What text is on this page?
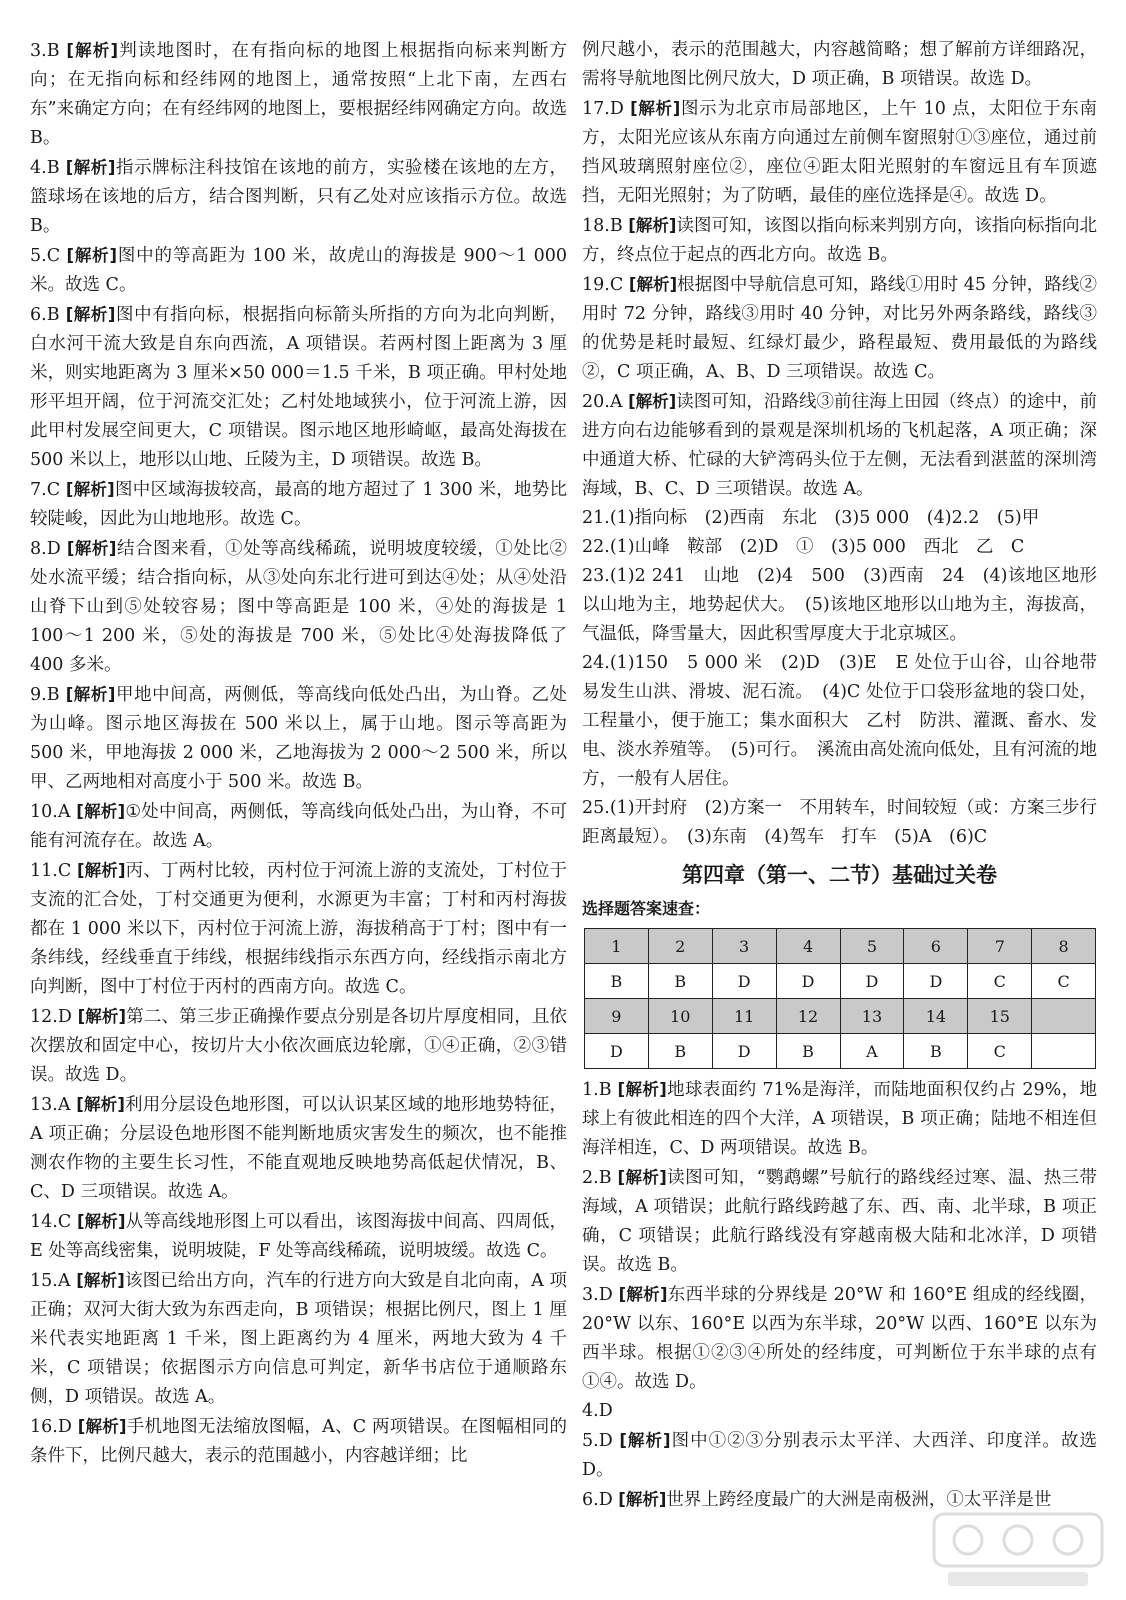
3.B [解析]判读地图时，在有指向标的地图上根据指向标来判断方向；在无指向标和经纬网的地图上，通常按照“上北下南，左西右东”来确定方向；在有经纬网的地图上，要根据经纬网确定方向。故选 B。

4.B [解析]指示牌标注科技馆在该地的前方，实验楼在该地的左方，篮球场在该地的后方，结合图判断，只有乙处对应该指示方位。故选 B。

5.C [解析]图中的等高距为 100 米，故虎山的海拔是 900～1 000 米。故选 C。

6.B [解析]图中有指向标，根据指向标箭头所指的方向为北向判断，白水河干流大致是自东向西流，A 项错误。若两村图上距离为 3 厘米，则实地距离为 3 厘米×50 000＝1.5 千米，B 项正确。甲村处地形平坦开阔，位于河流交汇处；乙村处地域狭小，位于河流上游，因此甲村发展空间更大，C 项错误。图示地区地形崎岖，最高处海拔在 500 米以上，地形以山地、丘陵为主，D 项错误。故选 B。

7.C [解析]图中区域海拔较高，最高的地方超过了 1 300 米，地势比较陡峻，因此为山地地形。故选 C。

8.D [解析]结合图来看，①处等高线稀疏，说明坡度较缓，①处比②处水流平缓；结合指向标，从③处向东北行进可到达④处；从④处沿山脊下山到⑤处较容易；图中等高距是 100 米，④处的海拔是 1 100～1 200 米，⑤处的海拔是 700 米，⑤处比④处海拔降低了 400 多米。

9.B [解析]甲地中间高，两侧低，等高线向低处凸出，为山脊。乙处为山峰。图示地区海拔在 500 米以上，属于山地。图示等高距为 500 米，甲地海拔 2 000 米，乙地海拔为 2 000～2 500 米，所以甲、乙两地相对高度小于 500 米。故选 B。

10.A [解析]①处中间高，两侧低，等高线向低处凸出，为山脊，不可能有河流存在。故选 A。

11.C [解析]丙、丁两村比较，丙村位于河流上游的支流处，丁村位于支流的汇合处，丁村交通更为便利，水源更为丰富；丁村和丙村海拔都在 1 000 米以下，丙村位于河流上游，海拔稍高于丁村；图中有一条纬线，经线垂直于纬线，根据纬线指示东西方向，经线指示南北方向判断，图中丁村位于丙村的西南方向。故选 C。

12.D [解析]第二、第三步正确操作要点分别是各切片厚度相同，且依次摆放和固定中心，按切片大小依次画底边轮廓，①④正确，②③错误。故选 D。

13.A [解析]利用分层设色地形图，可以认识某区域的地形地势特征，A 项正确；分层设色地形图不能判断地质灾害发生的频次，也不能推测农作物的主要生长习性，不能直观地反映地势高低起伏情况，B、C、D 三项错误。故选 A。

14.C [解析]从等高线地形图上可以看出，该图海拔中间高、四周低，E 处等高线密集，说明坡陡，F 处等高线稀疏，说明坡缓。故选 C。

15.A [解析]该图已给出方向，汽车的行进方向大致是自北向南，A 项正确；双河大街大致为东西走向，B 项错误；根据比例尺，图上 1 厘米代表实地距离 1 千米，图上距离约为 4 厘米，两地大致为 4 千米，C 项错误；依据图示方向信息可判定，新华书店位于通顺路东侧，D 项错误。故选 A。

16.D [解析]手机地图无法缩放图幅，A、C 两项错误。在图幅相同的条件下，比例尺越大，表示的范围越小，内容越详细；比

例尺越小，表示的范围越大，内容越简略；想了解前方详细路况，需将导航地图比例尺放大，D 项正确，B 项错误。故选 D。

17.D [解析]图示为北京市局部地区，上午 10 点，太阳位于东南方，太阳光应该从东南方向通过左前侧车窗照射①③座位，通过前挡风玻璃照射座位②，座位④距太阳光照射的车窗远且有车顶遮挡，无阳光照射；为了防晒，最佳的座位选择是④。故选 D。

18.B [解析]读图可知，该图以指向标来判别方向，该指向标指向北方，终点位于起点的西北方向。故选 B。

19.C [解析]根据图中导航信息可知，路线①用时 45 分钟，路线②用时 72 分钟，路线③用时 40 分钟，对比另外两条路线，路线③的优势是耗时最短、红绿灯最少，路程最短、费用最低的为路线②，C 项正确，A、B、D 三项错误。故选 C。

20.A [解析]读图可知，沿路线③前往海上田园（终点）的途中，前进方向右边能够看到的景观是深圳机场的飞机起落，A 项正确；深中通道大桥、忙碌的大铲湾码头位于左侧，无法看到湛蓝的深圳湾海域，B、C、D 三项错误。故选 A。

21.(1)指向标　(2)西南　东北　(3)5 000　(4)2.2　(5)甲

22.(1)山峰　鞍部　(2)D　①　(3)5 000　西北　乙　C

23.(1)2 241　山地　(2)4　500　(3)西南　24　(4)该地区地形以山地为主，地势起伏大。　(5)该地区地形以山地为主，海拔高，气温低，降雪量大，因此积雪厚度大于北京城区。

24.(1)150　5 000 米　(2)D　(3)E　E 处位于山谷，山谷地带易发生山洪、滑坡、泥石流。　(4)C 处位于口袋形盆地的袋口处，工程量小，便于施工；集水面积大　乙村　防洪、灌溉、畜水、发电、淡水养殖等。　(5)可行。　溪流由高处流向低处，且有河流的地方，一般有人居住。

25.(1)开封府　(2)方案一　不用转车，时间较短（或：方案三步行距离最短）。　(3)东南　(4)驾车　打车　(5)A　(6)C

第四章（第一、二节）基础过关卷
选择题答案速查：
1	2	3	4	5	6	7	8
B	B	D	D	D	D	C	C
9	10	11	12	13	14	15	
D	B	D	B	A	B	C	

1.B [解析]地球表面约 71%是海洋，而陆地面积仅约占 29%，地球上有彼此相连的四个大洋，A 项错误，B 项正确；陆地不相连但海洋相连，C、D 两项错误。故选 B。

2.B [解析]读图可知，“鹦鹉螺”号航行的路线经过寒、温、热三带海域，A 项错误；此航行路线跨越了东、西、南、北半球，B 项正确，C 项错误；此航行路线没有穿越南极大陆和北冰洋，D 项错误。故选 B。

3.D [解析]东西半球的分界线是 20°W 和 160°E 组成的经线圈，20°W 以东、160°E 以西为东半球，20°W 以西、160°E 以东为西半球。根据①②③④所处的经纬度，可判断位于东半球的点有①④。故选 D。

4.D

5.D [解析]图中①②③分别表示太平洋、大西洋、印度洋。故选 D。

6.D [解析]世界上跨经度最广的大洲是南极洲，①太平洋是世
